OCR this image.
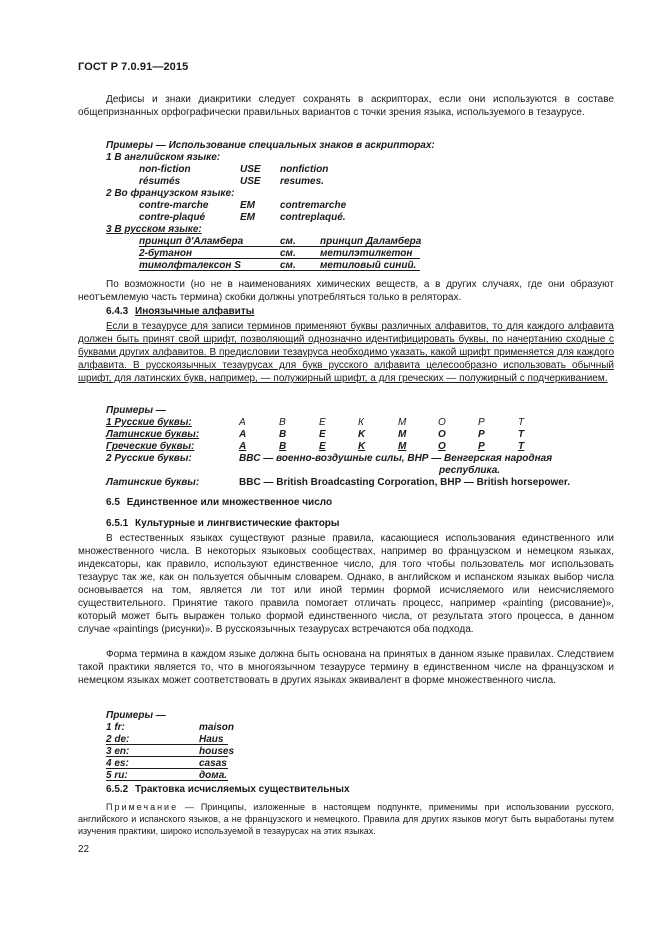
ГОСТ Р 7.0.91—2015

Дефисы и знаки диакритики следует сохранять в аскрипторах, если они используются в составе общепризнанных орфографически правильных вариантов с точки зрения языка, используемого в тезаурусе.

Примеры — Использование специальных знаков в аскрипторах:
1 В английском языке:
non-fiction	USE nonfiction
résumés	USE resumes.
2 Во французском языке:
contre-marche	EM	contremarche
contre-plaqué	EM	contreplaqué.
3 В русском языке:
принцип д'Аламбера	см. принцип Даламбера
2-бутанон	см. метилэтилкетон
тимолфталексон S	см. метиловый синий.

По возможности (но не в наименованиях химических веществ, а в других случаях, где они образуют неотъемлемую часть термина) скобки должны употребляться только в реляторах.

6.4.3 Иноязычные алфавиты

Если в тезаурусе для записи терминов применяют буквы различных алфавитов, то для каждого алфавита должен быть принят свой шрифт, позволяющий однозначно идентифицировать буквы, по начертанию сходные с буквами других алфавитов. В предисловии тезауруса необходимо указать, какой шрифт применяется для каждого алфавита. В русскоязычных тезаурусах для букв русского алфавита целесообразно использовать обычный шрифт, для латинских букв, например, — полужирный шрифт, а для греческих — полужирный с подчеркиванием.

Примеры —
1 Русские буквы:	А	В	Е	К	М	О	Р	Т
Латинские буквы:	A	B	E	K	M	O	P	T
Греческие буквы:	Α	Β	Ε	Κ	Μ	Ο	Ρ	Τ
2 Русские буквы:	ВВС — военно-воздушные силы, ВНР — Венгерская народная
республика.
Латинские буквы:	BBC — British Broadcasting Corporation, BHP — British horsepower.
6.5 Единственное или множественное число
6.5.1 Культурные и лингвистические факторы

В естественных языках существуют разные правила, касающиеся использования единственного или множественного числа. В некоторых языковых сообществах, например во французском и немецком языках, индексаторы, как правило, используют единственное число, для того чтобы пользователь мог использовать тезаурус так же, как он пользуется обычным словарем. Однако, в английском и испанском языках выбор числа основывается на том, является ли тот или иной термин формой исчисляемого или неисчисляемого существительного. Принятие такого правила помогает отличать процесс, например «painting (рисование)», который может быть выражен только формой единственного числа, от результата этого процесса, в данном случае «paintings (рисунки)». В русскоязычных тезаурусах встречаются оба подхода.

Форма термина в каждом языке должна быть основана на принятых в данном языке правилах. Следствием такой практики является то, что в многоязычном тезаурусе термину в единственном числе на французском и немецком языках может соответствовать в других языках эквивалент в форме множественного числа.

Примеры —
1 fr:	maison
2 de:	Haus
3 en:	houses
4 es:	casas
5 ru:	дома.
6.5.2 Трактовка исчисляемых существительных

Примечание — Принципы, изложенные в настоящем подпункте, применимы при использовании русского, английского и испанского языков, а не французского и немецкого. Правила для других языков могут быть выработаны путем изучения практики, широко используемой в тезаурусах на этих языках.

22
